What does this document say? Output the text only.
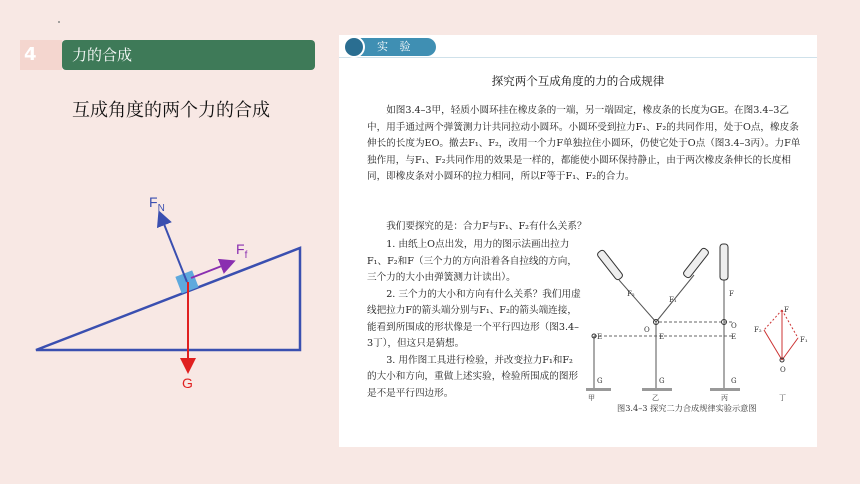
4	力的合成
互成角度的两个力的合成
$F_N$
$F_f$
G
实 验
探究两个互成角度的力的合成规律
如图3.4–3甲，轻质小圆环挂在橡皮条的一端，另一端固定，橡皮条的长度为GE。在图3.4–3乙中，用手通过两个弹簧测力计共同拉动小圆环。小圆环受到拉力F₁、F₂的共同作用，处于O点，橡皮条伸长的长度为EO。撤去F₁、F₂，改用一个力F单独拉住小圆环，仍使它处于O点（图3.4–3丙）。力F单独作用，与F₁、F₂共同作用的效果是一样的，都能使小圆环保持静止，由于两次橡皮条伸长的长度相同，即橡皮条对小圆环的拉力相同，所以F等于F₁、F₂的合力。
我们要探究的是：合力F与F₁、F₂有什么关系？

1. 由纸上O点出发，用力的图示法画出拉力F₁、F₂和F（三个力的方向沿着各自拉线的方向，三个力的大小由弹簧测力计读出）。

2. 三个力的大小和方向有什么关系？我们用虚线把拉力F的箭头端分别与F₁、F₂的箭头端连接，能看到所围成的形状像是一个平行四边形（图3.4–3丁），但这只是猜想。

3. 用作图工具进行检验，并改变拉力F₁和F₂的大小和方向，重做上述实验，检验所围成的图形是不是平行四边形。

E
G
甲
O
E
G
F₂
F₁
乙
F
O
E
G
丙
F
F₂
F₁
O
丁
图3.4–3 探究二力合成规律实验示意图
